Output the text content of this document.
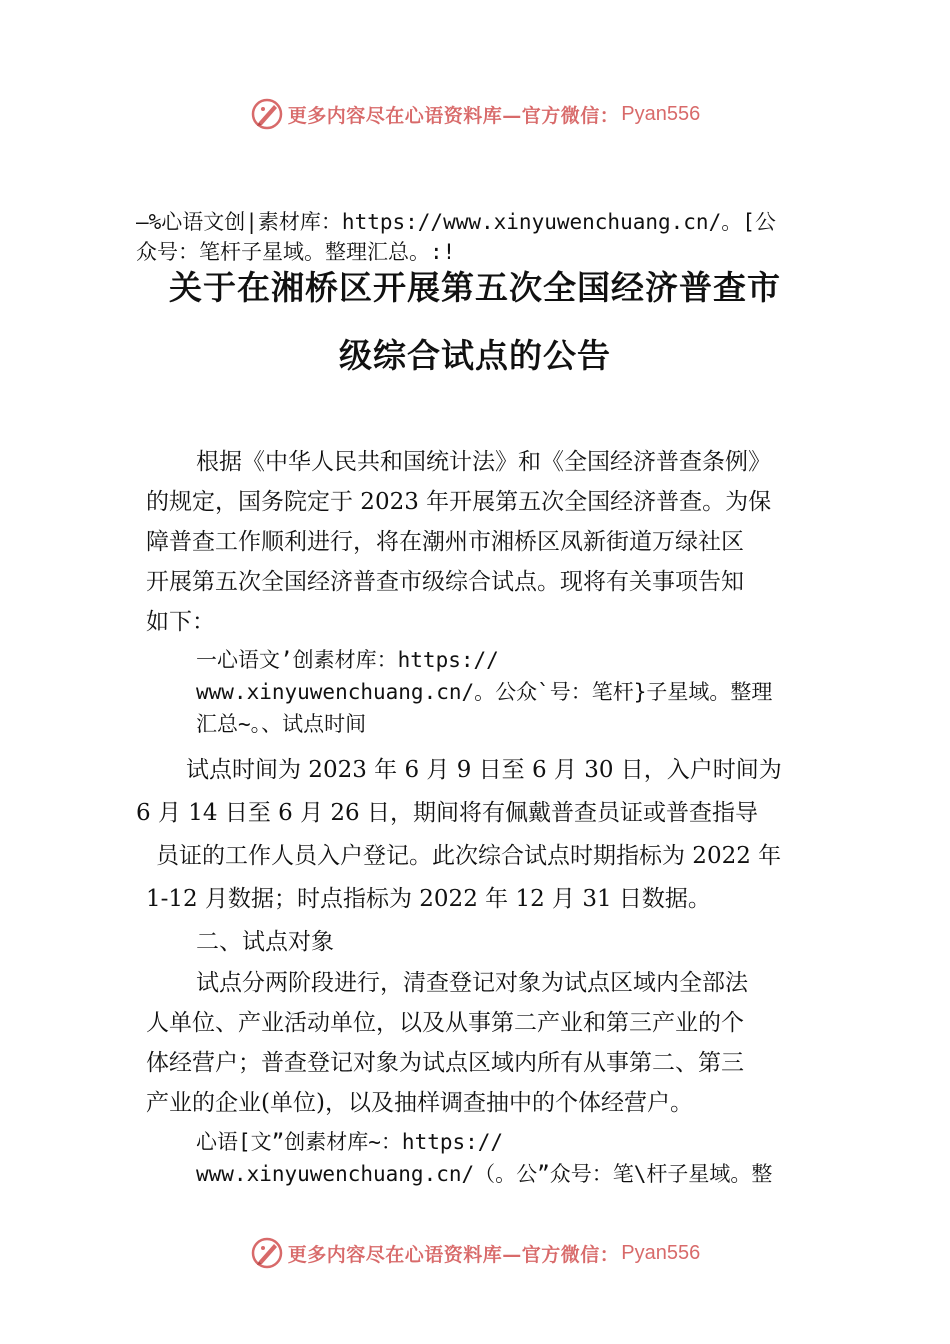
更多内容尽在心语资料库—官方微信： Pyan556
—%心语文创|素材库：https://www.xinyuwenchuang.cn/。[公
众号：笔杆子星域。整理汇总。:!
关于在湘桥区开展第五次全国经济普查市
级综合试点的公告
根据《中华人民共和国统计法》和《全国经济普查条例》
的规定，国务院定于 2023 年开展第五次全国经济普查。为保
障普查工作顺利进行，将在潮州市湘桥区凤新街道万绿社区
开展第五次全国经济普查市级综合试点。现将有关事项告知
如下：
一心语文’创素材库：https://
www.xinyuwenchuang.cn/。公众`号：笔杆}子星域。整理
汇总~。、试点时间
试点时间为 2023 年 6 月 9 日至 6 月 30 日，入户时间为
6 月 14 日至 6 月 26 日，期间将有佩戴普查员证或普查指导
员证的工作人员入户登记。此次综合试点时期指标为 2022 年
1-12 月数据；时点指标为 2022 年 12 月 31 日数据。
二、试点对象
试点分两阶段进行，清查登记对象为试点区域内全部法
人单位、产业活动单位，以及从事第二产业和第三产业的个
体经营户；普查登记对象为试点区域内所有从事第二、第三
产业的企业(单位)，以及抽样调查抽中的个体经营户。
心语[文”创素材库~：https://
www.xinyuwenchuang.cn/（。公”众号：笔\杆子星域。整
更多内容尽在心语资料库—官方微信： Pyan556
